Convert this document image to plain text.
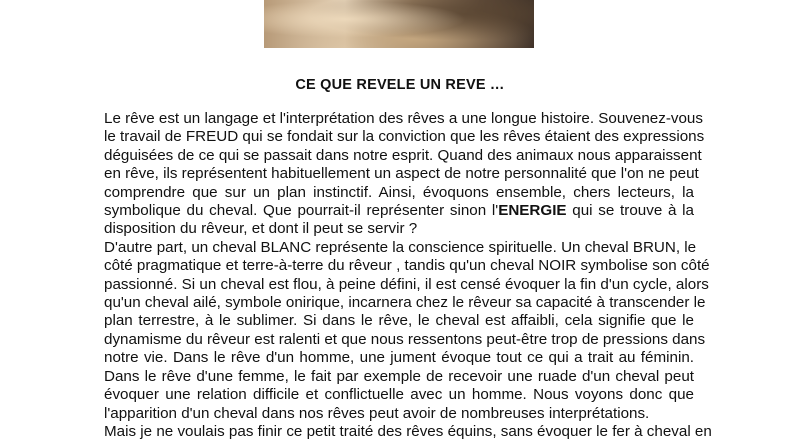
CE QUE REVELE UN REVE …

Le rêve est un langage et l'interprétation des rêves a une longue histoire. Souvenez-vous
le travail de FREUD qui se fondait sur la conviction que les rêves étaient des expressions
déguisées de ce qui se passait dans notre esprit. Quand des animaux nous apparaissent
en rêve, ils représentent habituellement un aspect de notre personnalité que l'on ne peut
comprendre que sur un plan instinctif. Ainsi, évoquons ensemble, chers lecteurs, la
symbolique du cheval. Que pourrait-il représenter sinon l'ENERGIE qui se trouve à la
disposition du rêveur, et dont il peut se servir ?

D'autre part, un cheval BLANC représente la conscience spirituelle. Un cheval BRUN, le
côté pragmatique et terre-à-terre du rêveur , tandis qu'un cheval NOIR symbolise son côté
passionné. Si un cheval est flou, à peine défini, il est censé évoquer la fin d'un cycle, alors
qu'un cheval ailé, symbole onirique, incarnera chez le rêveur sa capacité à transcender le
plan terrestre, à le sublimer. Si dans le rêve, le cheval est affaibli, cela signifie que le
dynamisme du rêveur est ralenti et que nous ressentons peut-être trop de pressions dans
notre vie. Dans le rêve d'un homme, une jument évoque tout ce qui a trait au féminin.
Dans le rêve d'une femme, le fait par exemple de recevoir une ruade d'un cheval peut
évoquer une relation difficile et conflictuelle avec un homme. Nous voyons donc que
l'apparition d'un cheval dans nos rêves peut avoir de nombreuses interprétations.

Mais je ne voulais pas finir ce petit traité des rêves équins, sans évoquer le fer à cheval en
